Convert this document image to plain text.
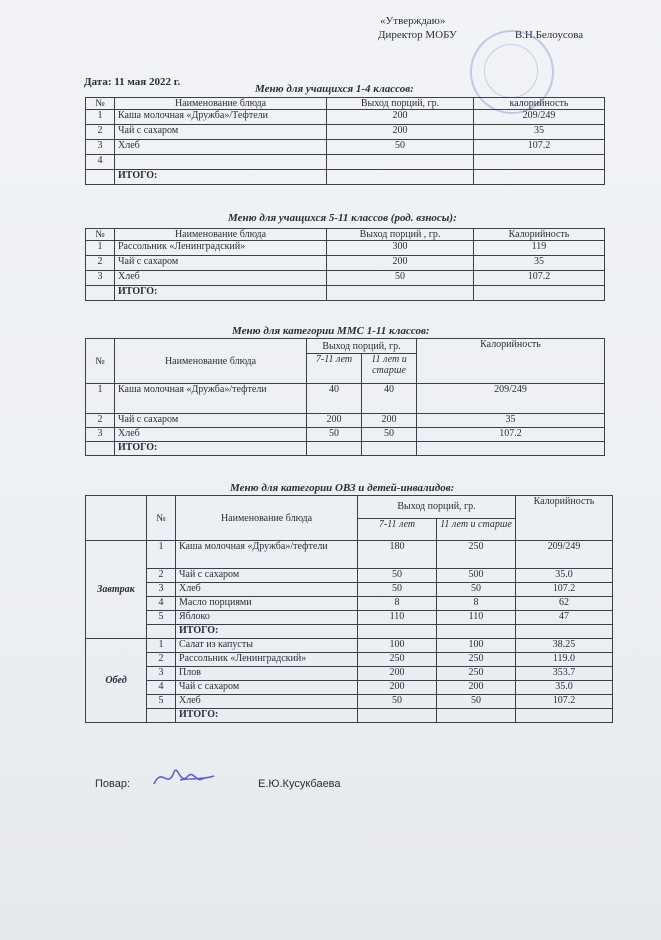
«Утверждаю»
Директор МОБУ	В.Н.Белоусова
Дата: 11 мая 2022 г.
Меню для учащихся 1-4 классов:
№	Наименование блюда	Выход порций, гр.	калорийность
1	Каша молочная «Дружба»/Тефтели	200	209/249
2	Чай с сахаром	200	35
3	Хлеб	50	107.2
4			
	ИТОГО:		
Меню для учащихся 5-11 классов (род. взносы):
№	Наименование блюда	Выход порций , гр.	Калорийность
1	Рассольник «Ленинградский»	300	119
2	Чай с сахаром	200	35
3	Хлеб	50	107.2
	ИТОГО:		
Меню для категории ММС 1-11 классов:
№	Наименование блюда	Выход порций, гр.		Калорийность
		7-11 лет	11 лет и старше	
1	Каша молочная «Дружба»/тефтели	40	40	209/249
2	Чай с сахаром	200	200	35
3	Хлеб	50	50	107.2
	ИТОГО:			
Меню для категории ОВЗ и детей-инвалидов:
	№	Наименование блюда	Выход порций, гр.		Калорийность
			7-11 лет	11 лет и старше	
Завтрак	1	Каша молочная «Дружба»/тефтели	180	250	209/249
	2	Чай с сахаром	50	500	35.0
	3	Хлеб	50	50	107.2
	4	Масло порциями	8	8	62
	5	Яблоко	110	110	47
		ИТОГО:			
Обед	1	Салат из капусты	100	100	38.25
	2	Рассольник «Ленинградский»	250	250	119.0
	3	Плов	200	250	353.7
	4	Чай с сахаром	200	200	35.0
	5	Хлеб	50	50	107.2
		ИТОГО:			
Повар:	Е.Ю.Кусукбаева
